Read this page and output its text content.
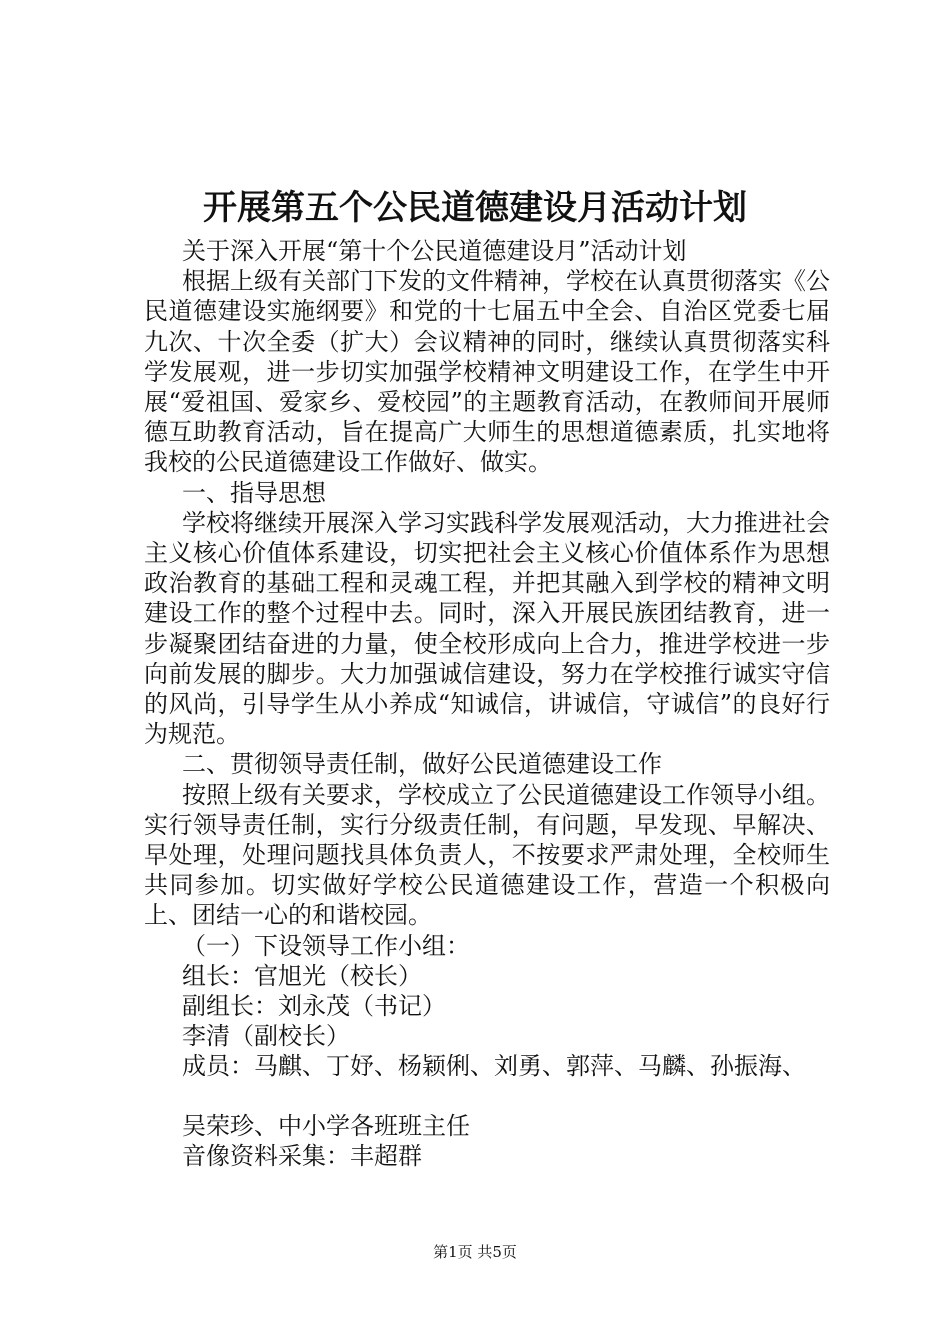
开展第五个公民道德建设月活动计划

关于深入开展“第十个公民道德建设月”活动计划

根据上级有关部门下发的文件精神，学校在认真贯彻落实《公民道德建设实施纲要》和党的十七届五中全会、自治区党委七届九次、十次全委（扩大）会议精神的同时，继续认真贯彻落实科学发展观，进一步切实加强学校精神文明建设工作，在学生中开展“爱祖国、爱家乡、爱校园”的主题教育活动，在教师间开展师德互助教育活动，旨在提高广大师生的思想道德素质，扎实地将我校的公民道德建设工作做好、做实。

一、指导思想

学校将继续开展深入学习实践科学发展观活动，大力推进社会主义核心价值体系建设，切实把社会主义核心价值体系作为思想政治教育的基础工程和灵魂工程，并把其融入到学校的精神文明建设工作的整个过程中去。同时，深入开展民族团结教育，进一步凝聚团结奋进的力量，使全校形成向上合力，推进学校进一步向前发展的脚步。大力加强诚信建设，努力在学校推行诚实守信的风尚，引导学生从小养成“知诚信，讲诚信，守诚信”的良好行为规范。

二、贯彻领导责任制，做好公民道德建设工作

按照上级有关要求，学校成立了公民道德建设工作领导小组。实行领导责任制，实行分级责任制，有问题，早发现、早解决、早处理，处理问题找具体负责人，不按要求严肃处理，全校师生共同参加。切实做好学校公民道德建设工作，营造一个积极向上、团结一心的和谐校园。

（一）下设领导工作小组：

组长：官旭光（校长）

副组长：刘永茂（书记）

李清（副校长）

成员：马麒、丁妤、杨颖俐、刘勇、郭萍、马麟、孙振海、

吴荣珍、中小学各班班主任

音像资料采集：丰超群

第1页 共5页
